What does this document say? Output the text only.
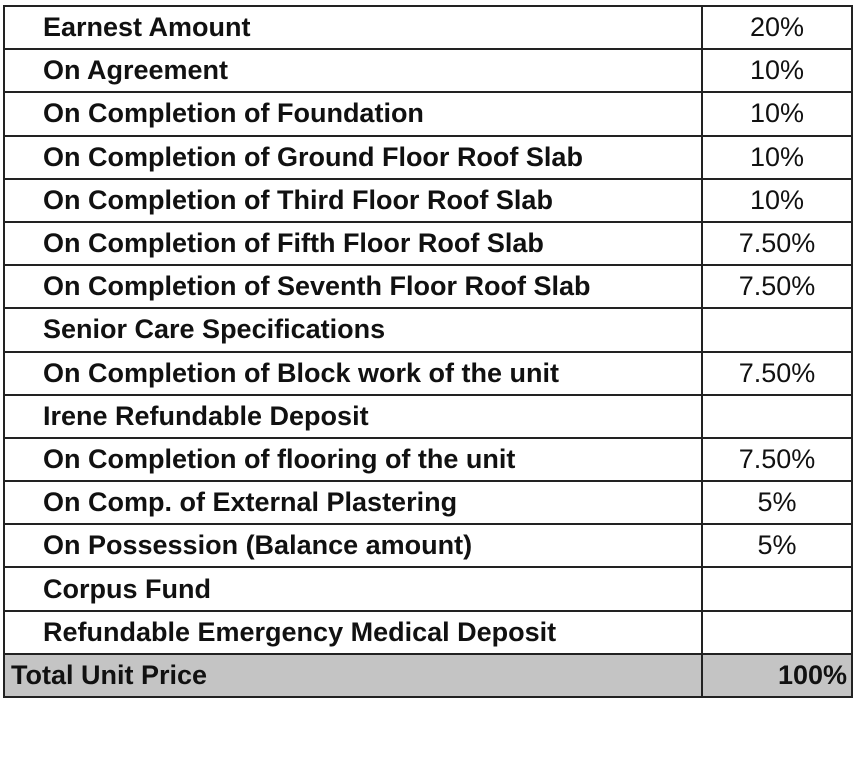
Earnest Amount	20%
On Agreement	10%
On Completion of Foundation	10%
On Completion of Ground Floor Roof Slab	10%
On Completion of Third Floor Roof Slab	10%
On Completion of Fifth Floor Roof Slab	7.50%
On Completion of Seventh Floor Roof Slab	7.50%
Senior Care Specifications	
On Completion of Block work of the unit	7.50%
Irene Refundable Deposit	
On Completion of flooring of the unit	7.50%
On Comp. of External Plastering	5%
On Possession (Balance amount)	5%
Corpus Fund	
Refundable Emergency Medical Deposit	
Total Unit Price	100%
